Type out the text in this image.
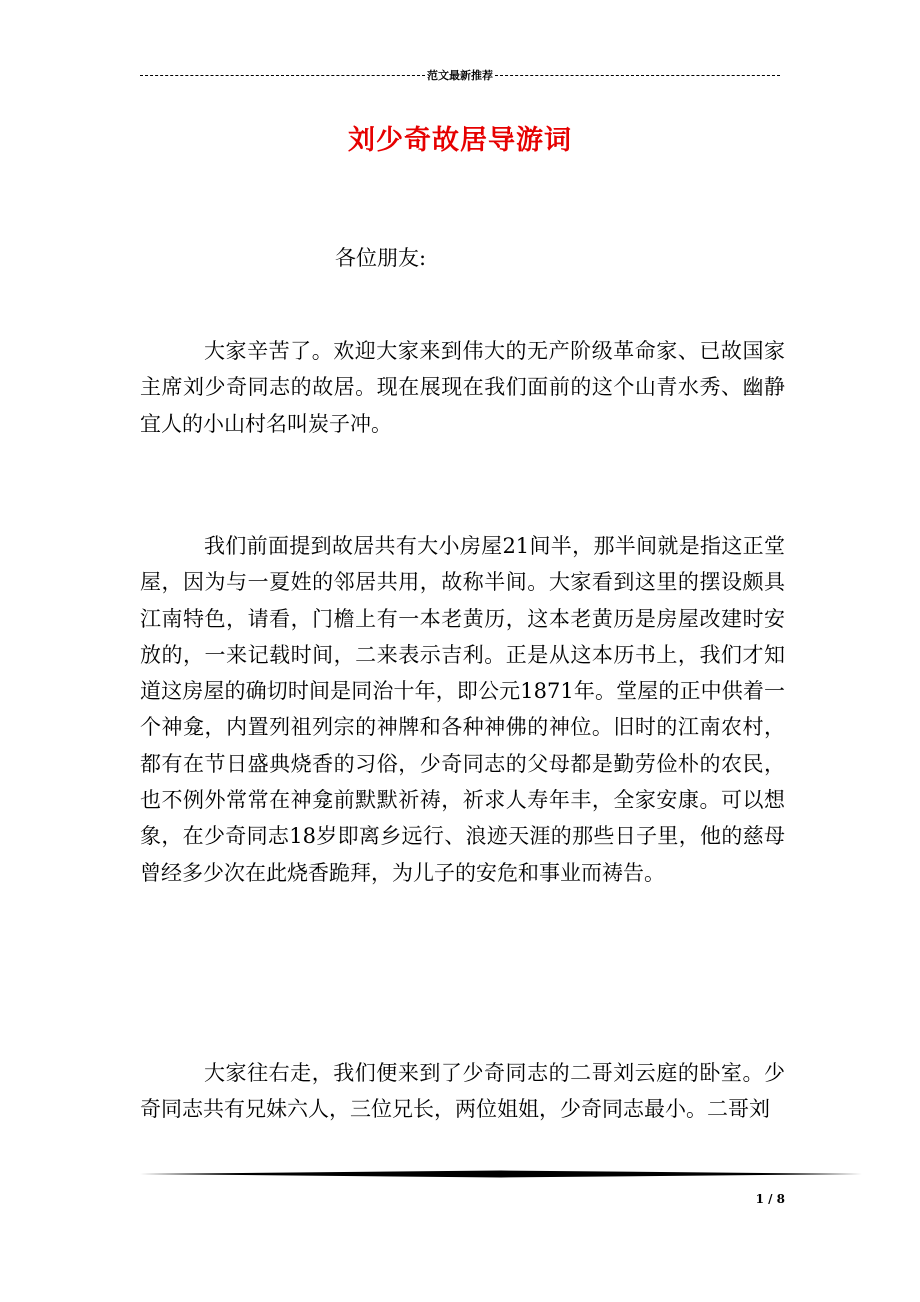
范文最新推荐
刘少奇故居导游词
各位朋友:

大家辛苦了。欢迎大家来到伟大的无产阶级革命家、已故国家主席刘少奇同志的故居。现在展现在我们面前的这个山青水秀、幽静宜人的小山村名叫炭子冲。

我们前面提到故居共有大小房屋21间半，那半间就是指这正堂屋，因为与一夏姓的邻居共用，故称半间。大家看到这里的摆设颇具江南特色，请看，门檐上有一本老黄历，这本老黄历是房屋改建时安放的，一来记载时间，二来表示吉利。正是从这本历书上，我们才知道这房屋的确切时间是同治十年，即公元1871年。堂屋的正中供着一个神龛，内置列祖列宗的神牌和各种神佛的神位。旧时的江南农村，都有在节日盛典烧香的习俗，少奇同志的父母都是勤劳俭朴的农民，也不例外常常在神龛前默默祈祷，祈求人寿年丰，全家安康。可以想象，在少奇同志18岁即离乡远行、浪迹天涯的那些日子里，他的慈母曾经多少次在此烧香跪拜，为儿子的安危和事业而祷告。

大家往右走，我们便来到了少奇同志的二哥刘云庭的卧室。少奇同志共有兄妹六人，三位兄长，两位姐姐，少奇同志最小。二哥刘

1 / 8
